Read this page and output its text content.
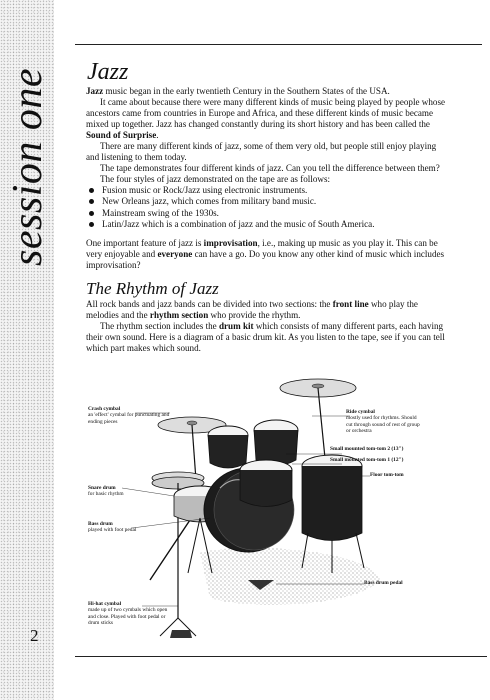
session one
2
Jazz

Jazz music began in the early twentieth Century in the Southern States of the USA.

It came about because there were many different kinds of music being played by people whose ancestors came from countries in Europe and Africa, and these different kinds of music became mixed up together. Jazz has changed constantly during its short history and has been called the Sound of Surprise.

There are many different kinds of jazz, some of them very old, but people still enjoy playing and listening to them today.

The tape demonstrates four different kinds of jazz. Can you tell the difference between them?

The four styles of jazz demonstrated on the tape are as follows:

Fusion music or Rock/Jazz using electronic instruments.
New Orleans jazz, which comes from military band music.
Mainstream swing of the 1930s.
Latin/Jazz which is a combination of jazz and the music of South America.

One important feature of jazz is improvisation, i.e., making up music as you play it. This can be very enjoyable and everyone can have a go. Do you know any other kind of music which includes improvisation?

The Rhythm of Jazz

All rock bands and jazz bands can be divided into two sections: the front line who play the melodies and the rhythm section who provide the rhythm.

The rhythm section includes the drum kit which consists of many different parts, each having their own sound. Here is a diagram of a basic drum kit. As you listen to the tape, see if you can tell which part makes which sound.

Crash cymbal
an 'effect' cymbal for punctuating and ending pieces
Ride cymbal
mostly used for rhythms. Should cut through sound of rest of group or orchestra
Small mounted tom-tom 2 (13")
Small mounted tom-tom 1 (12")
Floor tom-tom
Snare drum
for basic rhythm
Bass drum
played with foot pedal
Bass drum pedal
Hi-hat cymbal
made up of two cymbals which open and close. Played with foot pedal or drum sticks
